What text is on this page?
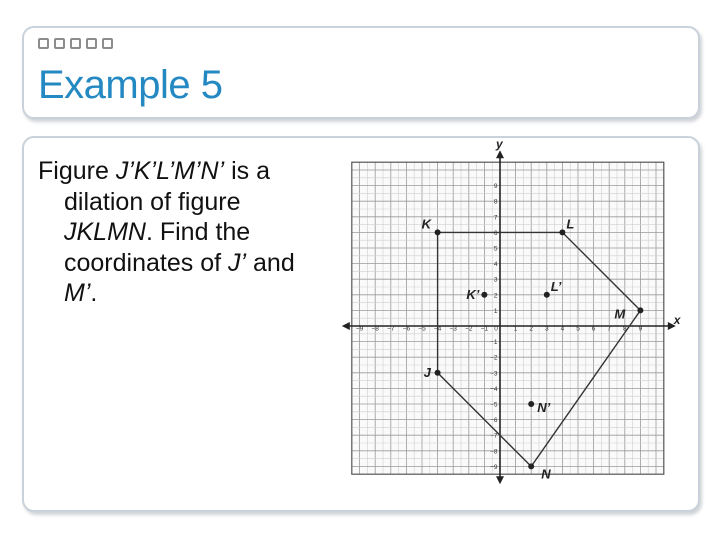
Example 5
Figure J’K’L’M’N’ is a dilation of figure JKLMN. Find the coordinates of J’ and M’.
x
y
−9 −8 −7 −6 −5 −4 −3 −2 −1 0 1 2 3 4 5 6 7 8 9
−9
−8
−7
−6
−5
−4
−3
−2
−1
1
2
3
4
5
6
7
8
9
J
K	L
M
N
K’
L’
N’
